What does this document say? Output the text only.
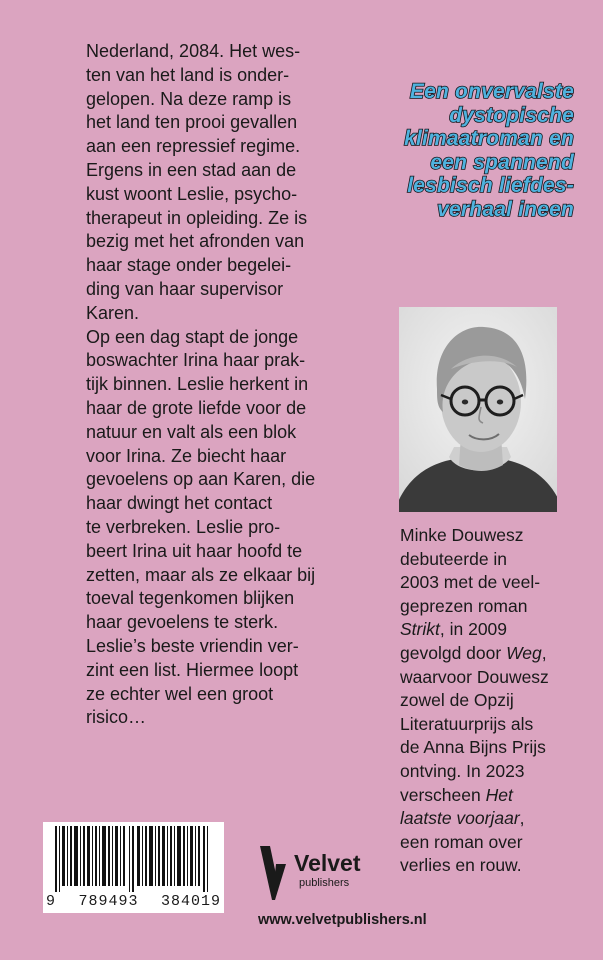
Nederland, 2084. Het wes-
ten van het land is onder-
gelopen. Na deze ramp is
het land ten prooi gevallen
aan een repressief regime.
Ergens in een stad aan de
kust woont Leslie, psycho-
therapeut in opleiding. Ze is
bezig met het afronden van
haar stage onder begelei-
ding van haar supervisor
Karen.

Op een dag stapt de jonge
boswachter Irina haar prak-
tijk binnen. Leslie herkent in
haar de grote liefde voor de
natuur en valt als een blok
voor Irina. Ze biecht haar
gevoelens op aan Karen, die
haar dwingt het contact
te verbreken. Leslie pro-
beert Irina uit haar hoofd te
zetten, maar als ze elkaar bij
toeval tegenkomen blijken
haar gevoelens te sterk.
Leslie’s beste vriendin ver-
zint een list. Hiermee loopt
ze echter wel een groot
risico…

Een onvervalste
dystopische
klimaatroman en
een spannend
lesbisch liefdes-
verhaal ineen
Minke Douwesz
debuteerde in
2003 met de veel-
geprezen roman
Strikt, in 2009
gevolgd door Weg,
waarvoor Douwesz
zowel de Opzij
Literatuurprijs als
de Anna Bijns Prijs
ontving. In 2023
verscheen Het
laatste voorjaar,
een roman over
verlies en rouw.
9 789493 384019
Velvet
publishers
www.velvetpublishers.nl
